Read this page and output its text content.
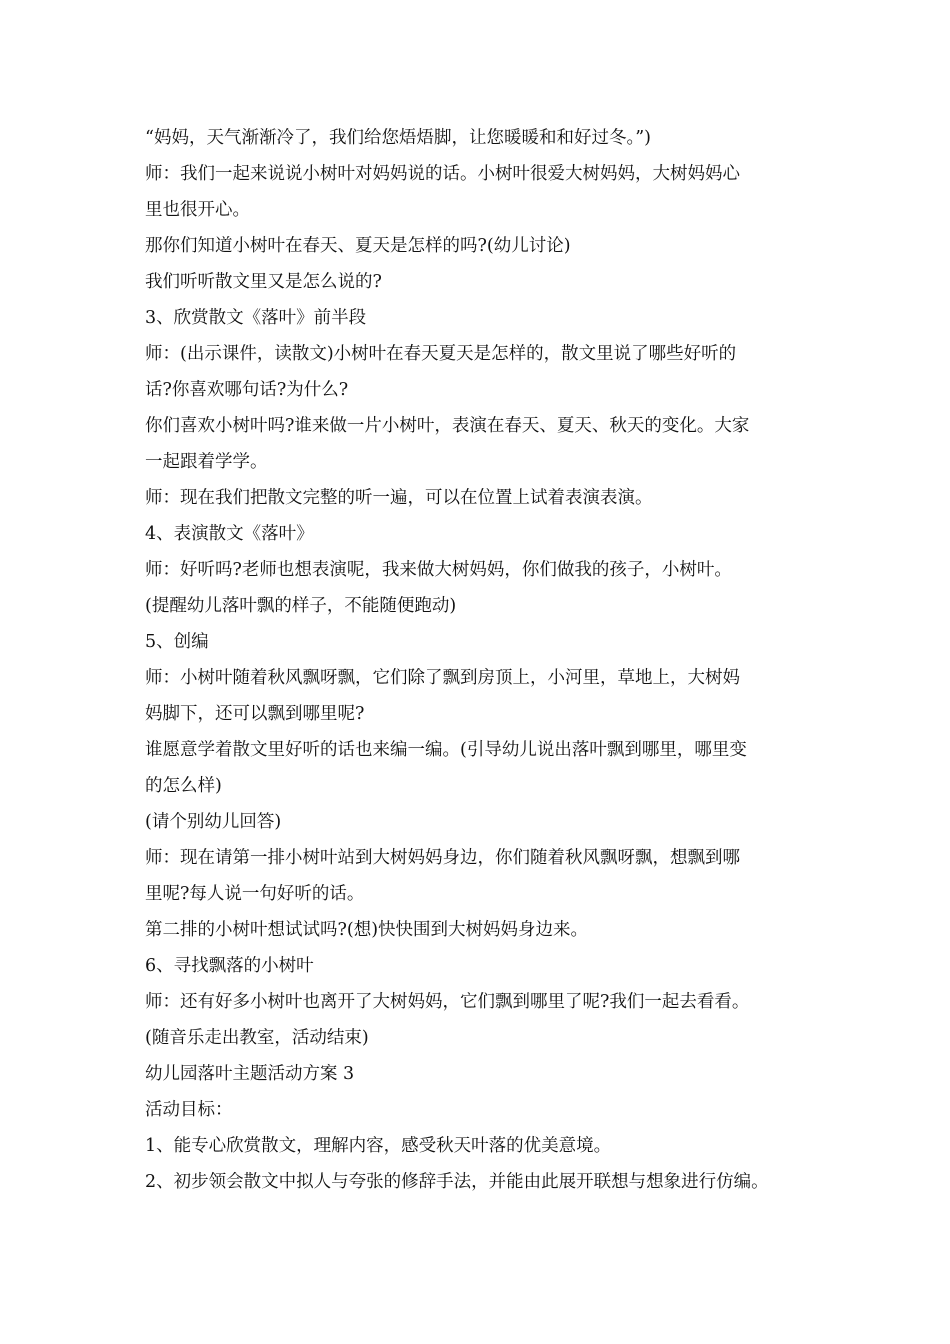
“妈妈，天气渐渐冷了，我们给您焐焐脚，让您暖暖和和好过冬。”)
师：我们一起来说说小树叶对妈妈说的话。小树叶很爱大树妈妈，大树妈妈心
里也很开心。
那你们知道小树叶在春天、夏天是怎样的吗?(幼儿讨论)
我们听听散文里又是怎么说的?
3、欣赏散文《落叶》前半段
师：(出示课件，读散文)小树叶在春天夏天是怎样的，散文里说了哪些好听的
话?你喜欢哪句话?为什么?
你们喜欢小树叶吗?谁来做一片小树叶，表演在春天、夏天、秋天的变化。大家
一起跟着学学。
师：现在我们把散文完整的听一遍，可以在位置上试着表演表演。
4、表演散文《落叶》
师：好听吗?老师也想表演呢，我来做大树妈妈，你们做我的孩子，小树叶。
(提醒幼儿落叶飘的样子，不能随便跑动)
5、创编
师：小树叶随着秋风飘呀飘，它们除了飘到房顶上，小河里，草地上，大树妈
妈脚下，还可以飘到哪里呢?
谁愿意学着散文里好听的话也来编一编。(引导幼儿说出落叶飘到哪里，哪里变
的怎么样)
(请个别幼儿回答)
师：现在请第一排小树叶站到大树妈妈身边，你们随着秋风飘呀飘，想飘到哪
里呢?每人说一句好听的话。
第二排的小树叶想试试吗?(想)快快围到大树妈妈身边来。
6、寻找飘落的小树叶
师：还有好多小树叶也离开了大树妈妈，它们飘到哪里了呢?我们一起去看看。
(随音乐走出教室，活动结束)
幼儿园落叶主题活动方案 3
活动目标：
1、能专心欣赏散文，理解内容，感受秋天叶落的优美意境。
2、初步领会散文中拟人与夸张的修辞手法，并能由此展开联想与想象进行仿编。
